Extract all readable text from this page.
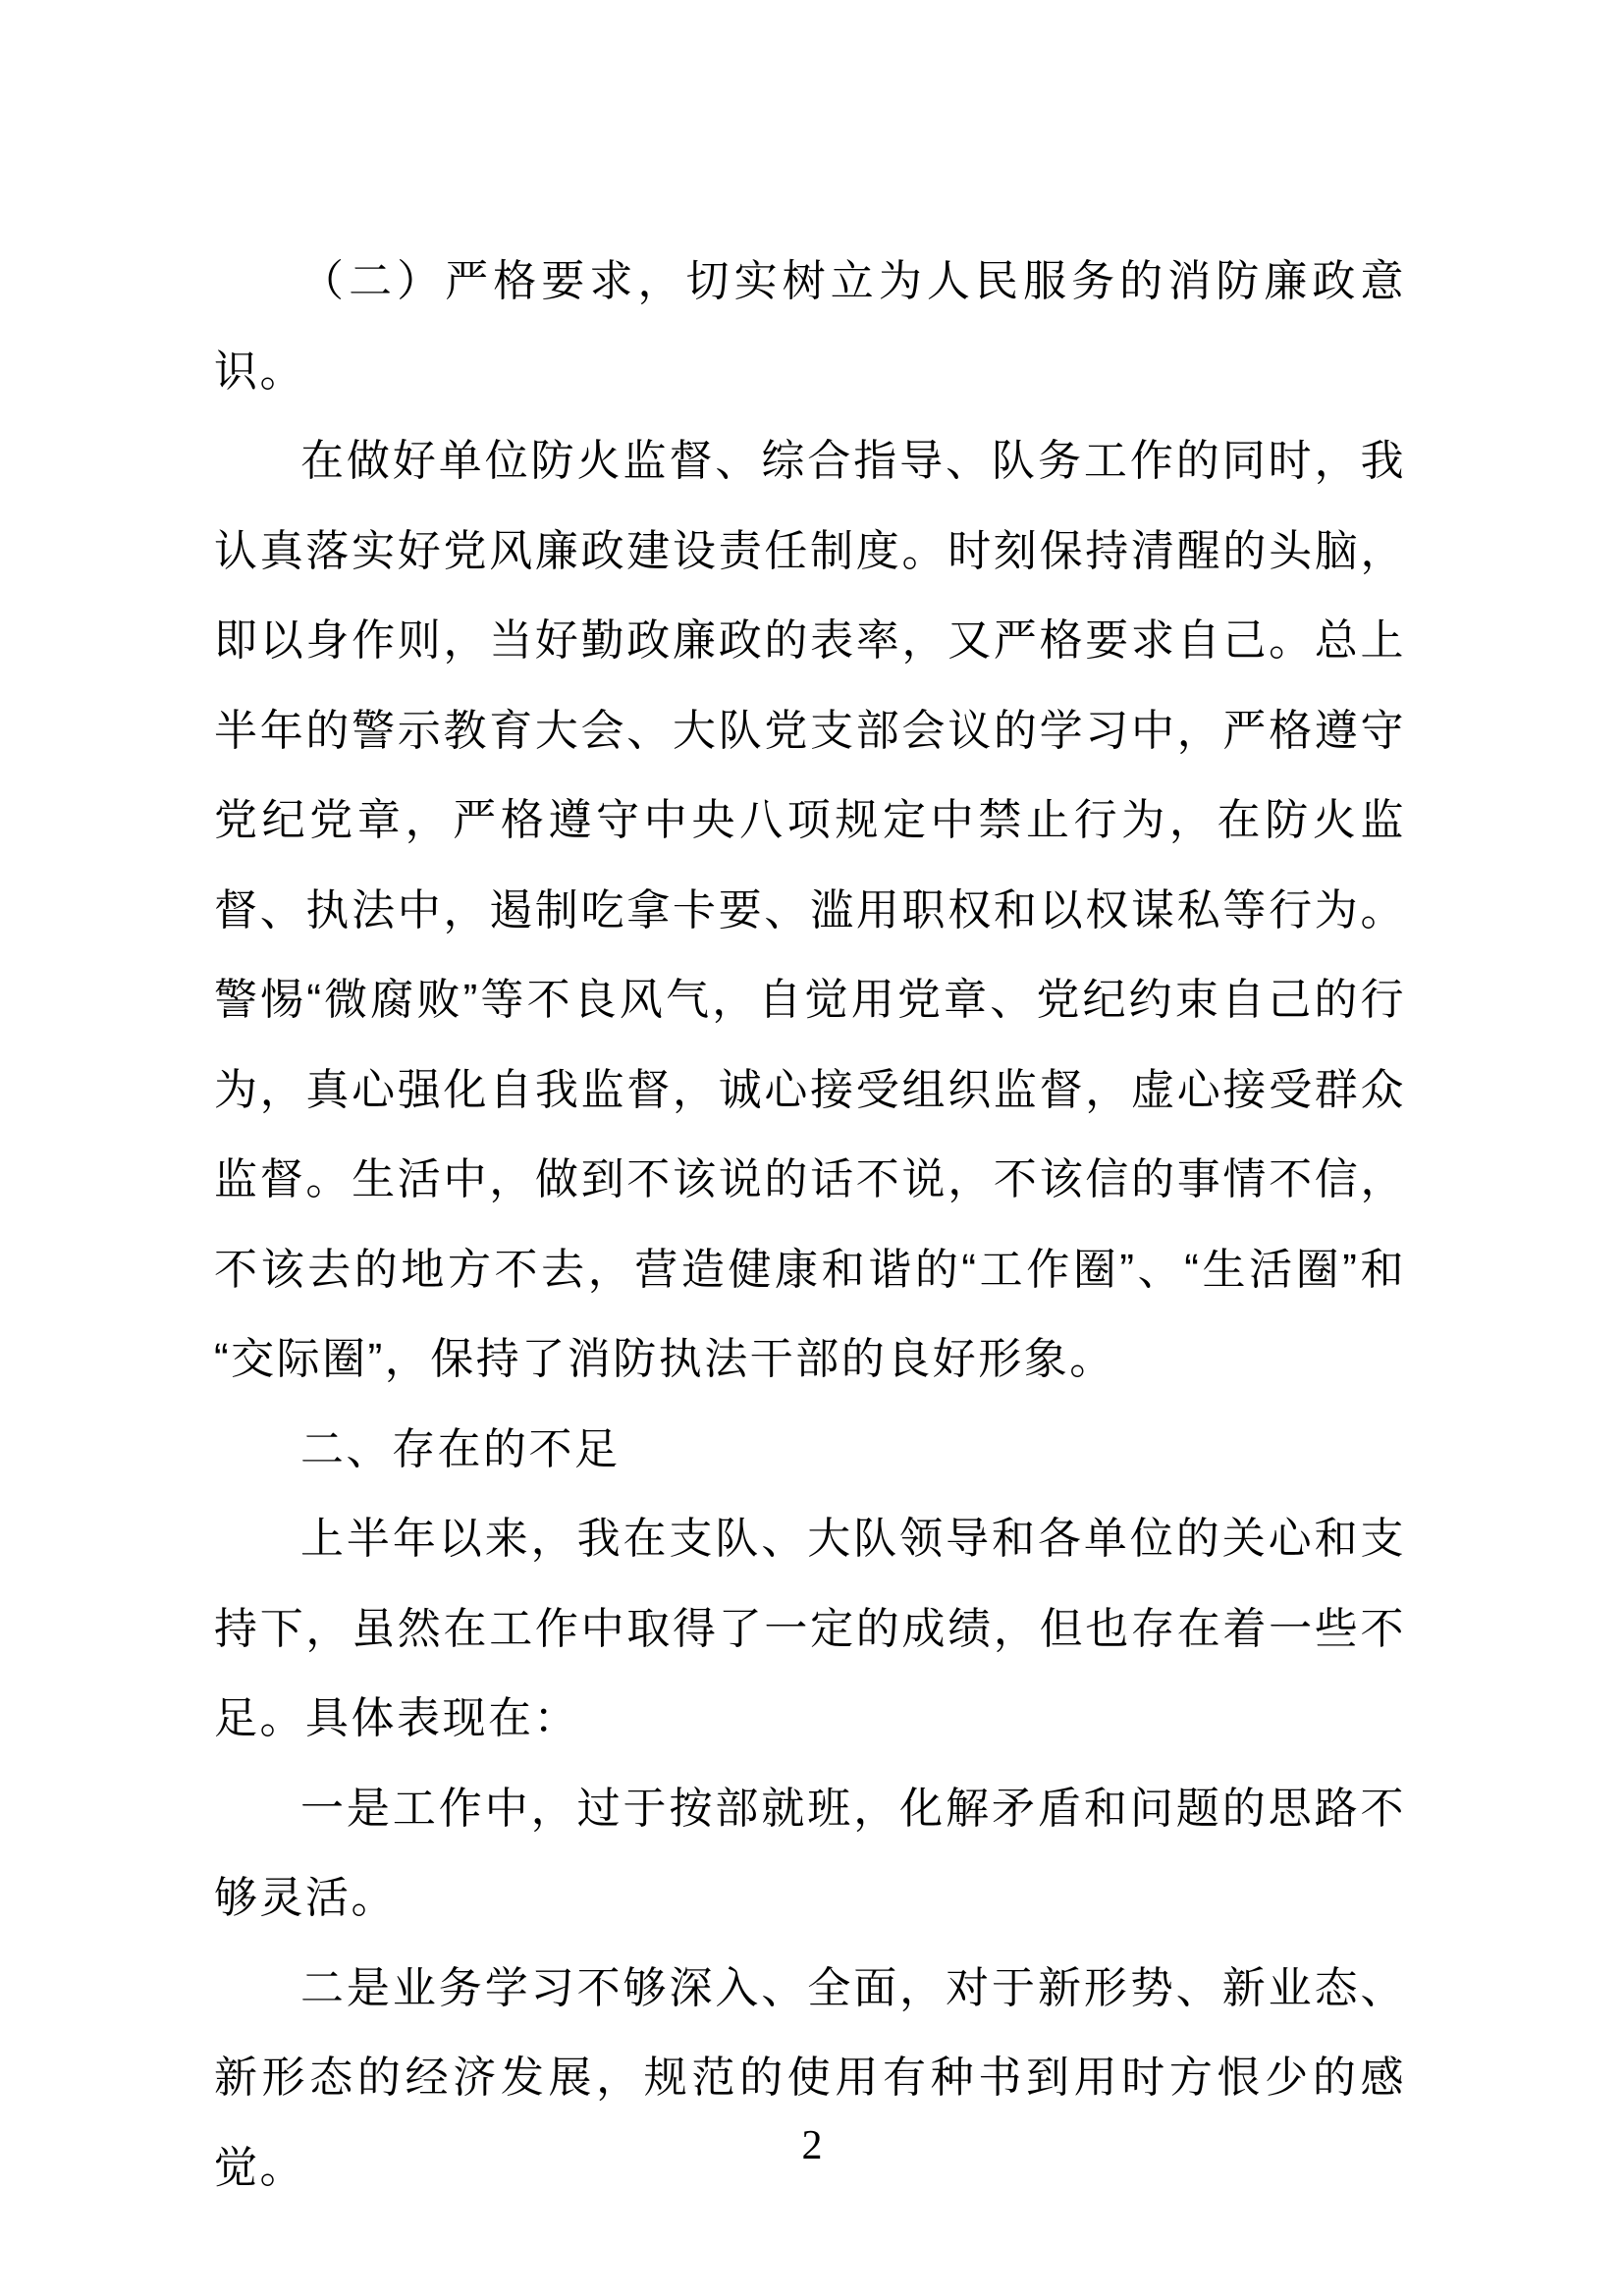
（二）严格要求，切实树立为人民服务的消防廉政意识。

在做好单位防火监督、综合指导、队务工作的同时，我认真落实好党风廉政建设责任制度。时刻保持清醒的头脑，即以身作则，当好勤政廉政的表率，又严格要求自己。总上半年的警示教育大会、大队党支部会议的学习中，严格遵守党纪党章，严格遵守中央八项规定中禁止行为，在防火监督、执法中，遏制吃拿卡要、滥用职权和以权谋私等行为。警惕“微腐败”等不良风气，自觉用党章、党纪约束自己的行为，真心强化自我监督，诚心接受组织监督，虚心接受群众监督。生活中，做到不该说的话不说，不该信的事情不信，不该去的地方不去，营造健康和谐的“工作圈”、“生活圈”和“交际圈”，保持了消防执法干部的良好形象。

二、存在的不足

上半年以来，我在支队、大队领导和各单位的关心和支持下，虽然在工作中取得了一定的成绩，但也存在着一些不足。具体表现在：

一是工作中，过于按部就班，化解矛盾和问题的思路不够灵活。

二是业务学习不够深入、全面，对于新形势、新业态、新形态的经济发展，规范的使用有种书到用时方恨少的感觉。	2
